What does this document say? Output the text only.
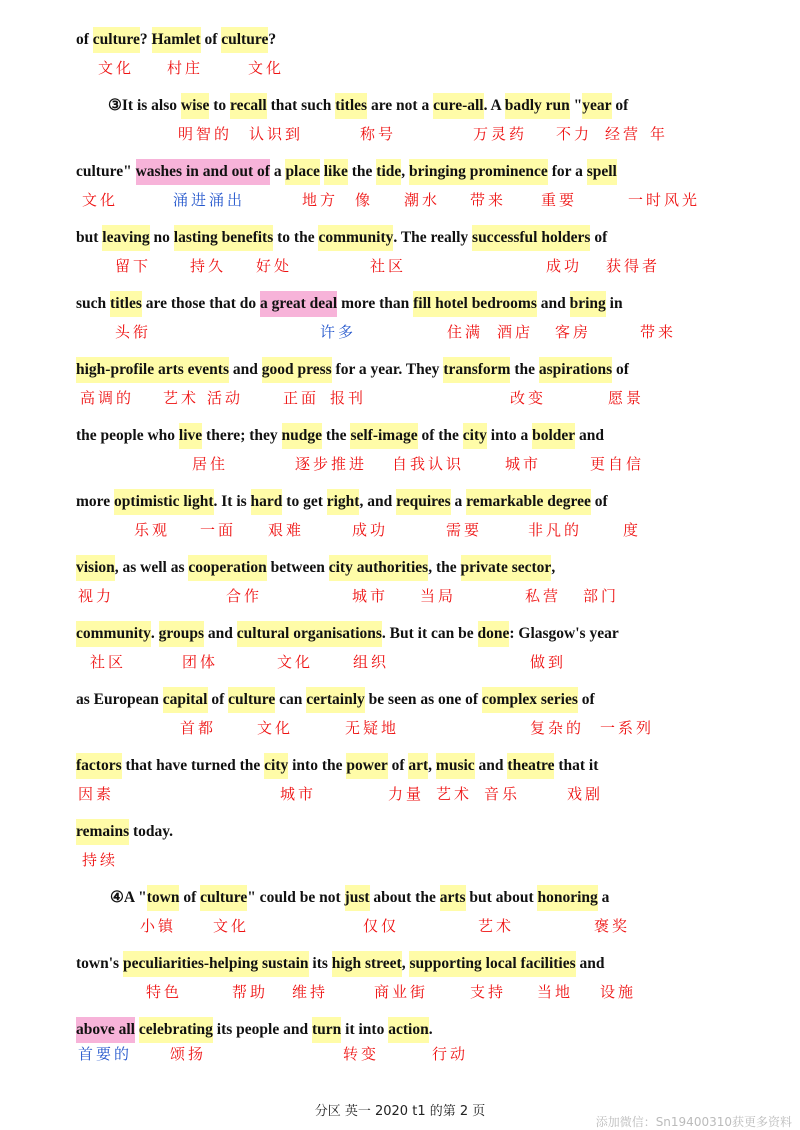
of culture? Hamlet of culture?
文化 村庄	文化
③It is also wise to recall that such titles are not a cure-all. A badly run "year of
明智的 认识到	称号	万灵药 不力 经营 年
culture" washes in and out of a place like the tide, bringing prominence for a spell
文化	涌进涌出	地方 像 潮水 带来 重要	一时风光
but leaving no lasting benefits to the community. The really successful holders of
留下	持久 好处	社区	成功 获得者
such titles are those that do a great deal more than fill hotel bedrooms and bring in
头衔	许多	住满 酒店 客房	带来
high-profile arts events and good press for a year. They transform the aspirations of
高调的 艺术 活动	正面 报刊	改变	愿景
the people who live there; they nudge the self-image of the city into a bolder and
居住	逐步推进 自我认识	城市	更自信
more optimistic light. It is hard to get right, and requires a remarkable degree of
乐观 一面 艰难	成功	需要	非凡的	度
vision, as well as cooperation between city authorities, the private sector,
视力	合作	城市 当局	私营 部门
community. groups and cultural organisations. But it can be done: Glasgow's year
社区	团体	文化	组织	做到
as European capital of culture can certainly be seen as one of complex series of
首都	文化	无疑地	复杂的 一系列
factors that have turned the city into the power of art, music and theatre that it
因素	城市	力量 艺术 音乐	戏剧
remains today.
持续
④A "town of culture" could be not just about the arts but about honoring a
小镇 文化	仅仅	艺术	褒奖
town's peculiarities-helping sustain its high street, supporting local facilities and
特色	帮助 维持	商业街	支持 当地 设施
above all celebrating its people and turn it into action.
首要的	颂扬	转变	行动
分区 英一 2020 t1 的第 2 页
添加微信：Sn19400310获更多资料
